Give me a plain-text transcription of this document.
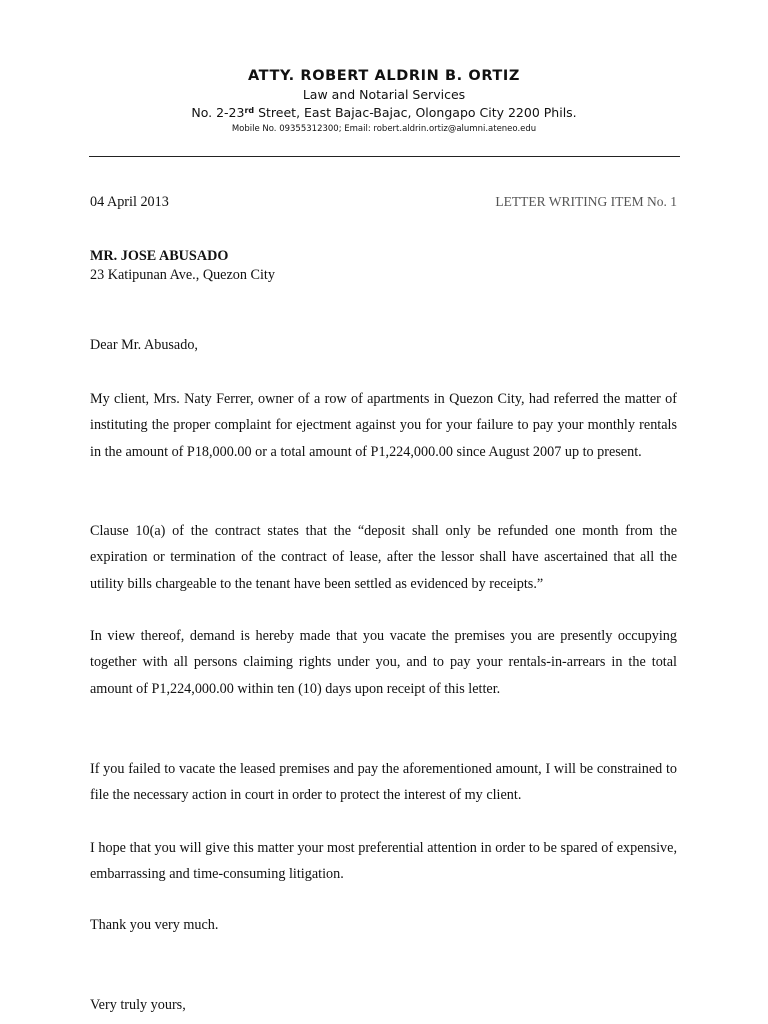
ATTY. ROBERT ALDRIN B. ORTIZ
Law and Notarial Services
No. 2-23rd Street, East Bajac-Bajac, Olongapo City 2200 Phils.
Mobile No. 09355312300; Email: robert.aldrin.ortiz@alumni.ateneo.edu
04 April 2013	LETTER WRITING ITEM No. 1
MR. JOSE ABUSADO
23 Katipunan Ave., Quezon City
Dear Mr. Abusado,

My client, Mrs. Naty Ferrer, owner of a row of apartments in Quezon City, had referred the matter of instituting the proper complaint for ejectment against you for your failure to pay your monthly rentals in the amount of P18,000.00 or a total amount of P1,224,000.00 since August 2007 up to present.

Clause 10(a) of the contract states that the “deposit shall only be refunded one month from the expiration or termination of the contract of lease, after the lessor shall have ascertained that all the utility bills chargeable to the tenant have been settled as evidenced by receipts.”

In view thereof, demand is hereby made that you vacate the premises you are presently occupying together with all persons claiming rights under you, and to pay your rentals-in-arrears in the total amount of P1,224,000.00 within ten (10) days upon receipt of this letter.

If you failed to vacate the leased premises and pay the aforementioned amount, I will be constrained to file the necessary action in court in order to protect the interest of my client.

I hope that you will give this matter your most preferential attention in order to be spared of expensive, embarrassing and time-consuming litigation.

Thank you very much.
Very truly yours,
